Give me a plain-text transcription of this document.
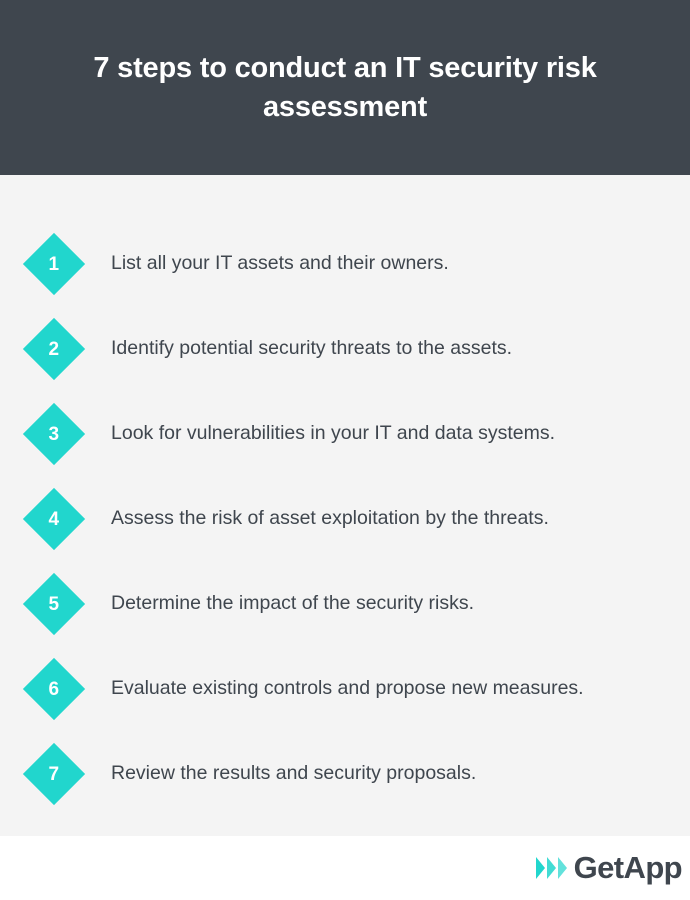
7 steps to conduct an IT security risk assessment
1	List all your IT assets and their owners.
2	Identify potential security threats to the assets.
3	Look for vulnerabilities in your IT and data systems.
4	Assess the risk of asset exploitation by the threats.
5	Determine the impact of the security risks.
6	Evaluate existing controls and propose new measures.
7	Review the results and security proposals.
GetApp
